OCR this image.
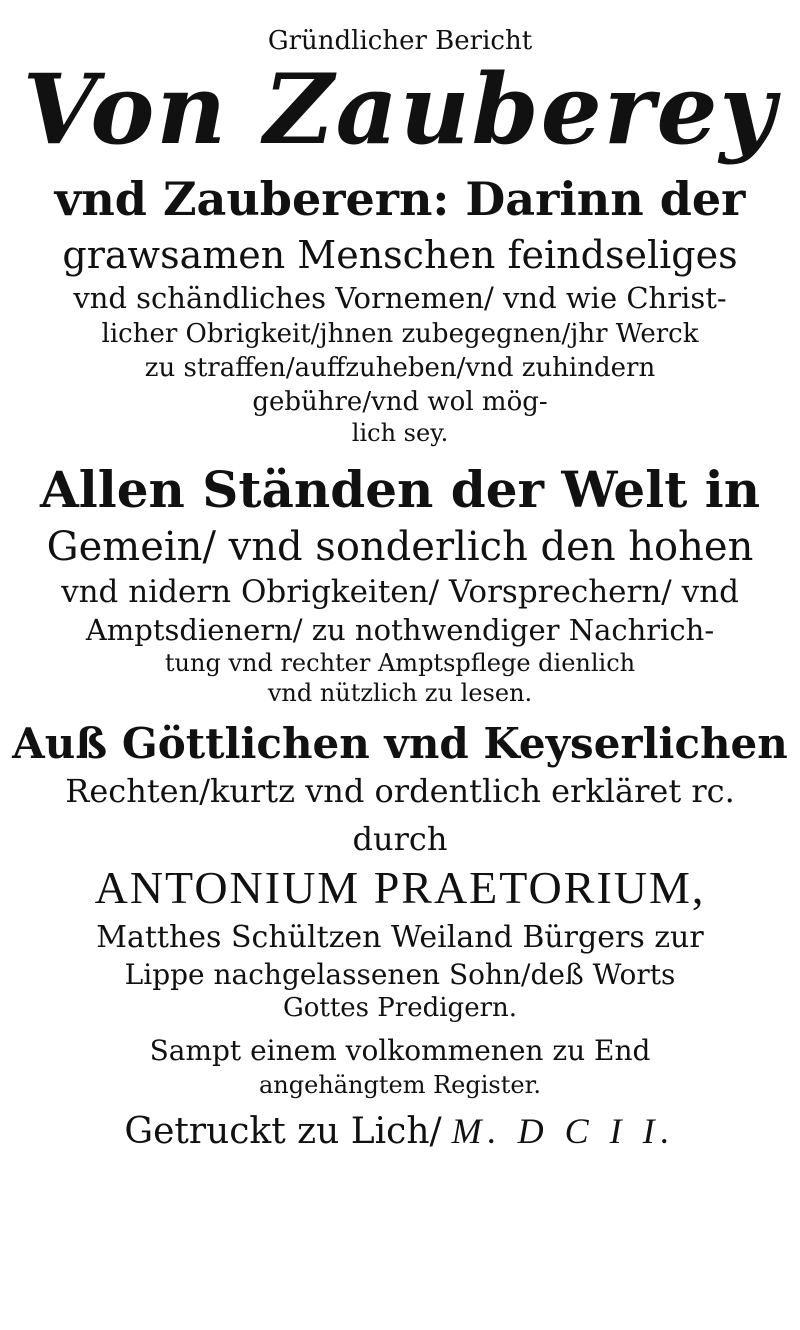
Gründlicher Bericht
Von Zauberey
vnd Zauberern: Darinn der
grawsamen Menschen feindseliges
vnd schändliches Vornemen/ vnd wie Christ-
licher Obrigkeit/jhnen zubegegnen/jhr Werck
zu straffen/auffzuheben/vnd zuhindern
gebühre/vnd wol mög-
lich sey.
Allen Ständen der Welt in
Gemein/ vnd sonderlich den hohen
vnd nidern Obrigkeiten/ Vorsprechern/ vnd
Amptsdienern/ zu nothwendiger Nachrich-
tung vnd rechter Amptspflege dienlich
vnd nützlich zu lesen.
Auß Göttlichen vnd Keyserlichen
Rechten/kurtz vnd ordentlich erkläret rc.
durch
ANTONIUM PRAETORIUM,
Matthes Schültzen Weiland Bürgers zur
Lippe nachgelassenen Sohn/deß Worts
Gottes Predigern.
Sampt einem volkommenen zu End
angehängtem Register.
Getruckt zu Lich/ M. D C I I.
